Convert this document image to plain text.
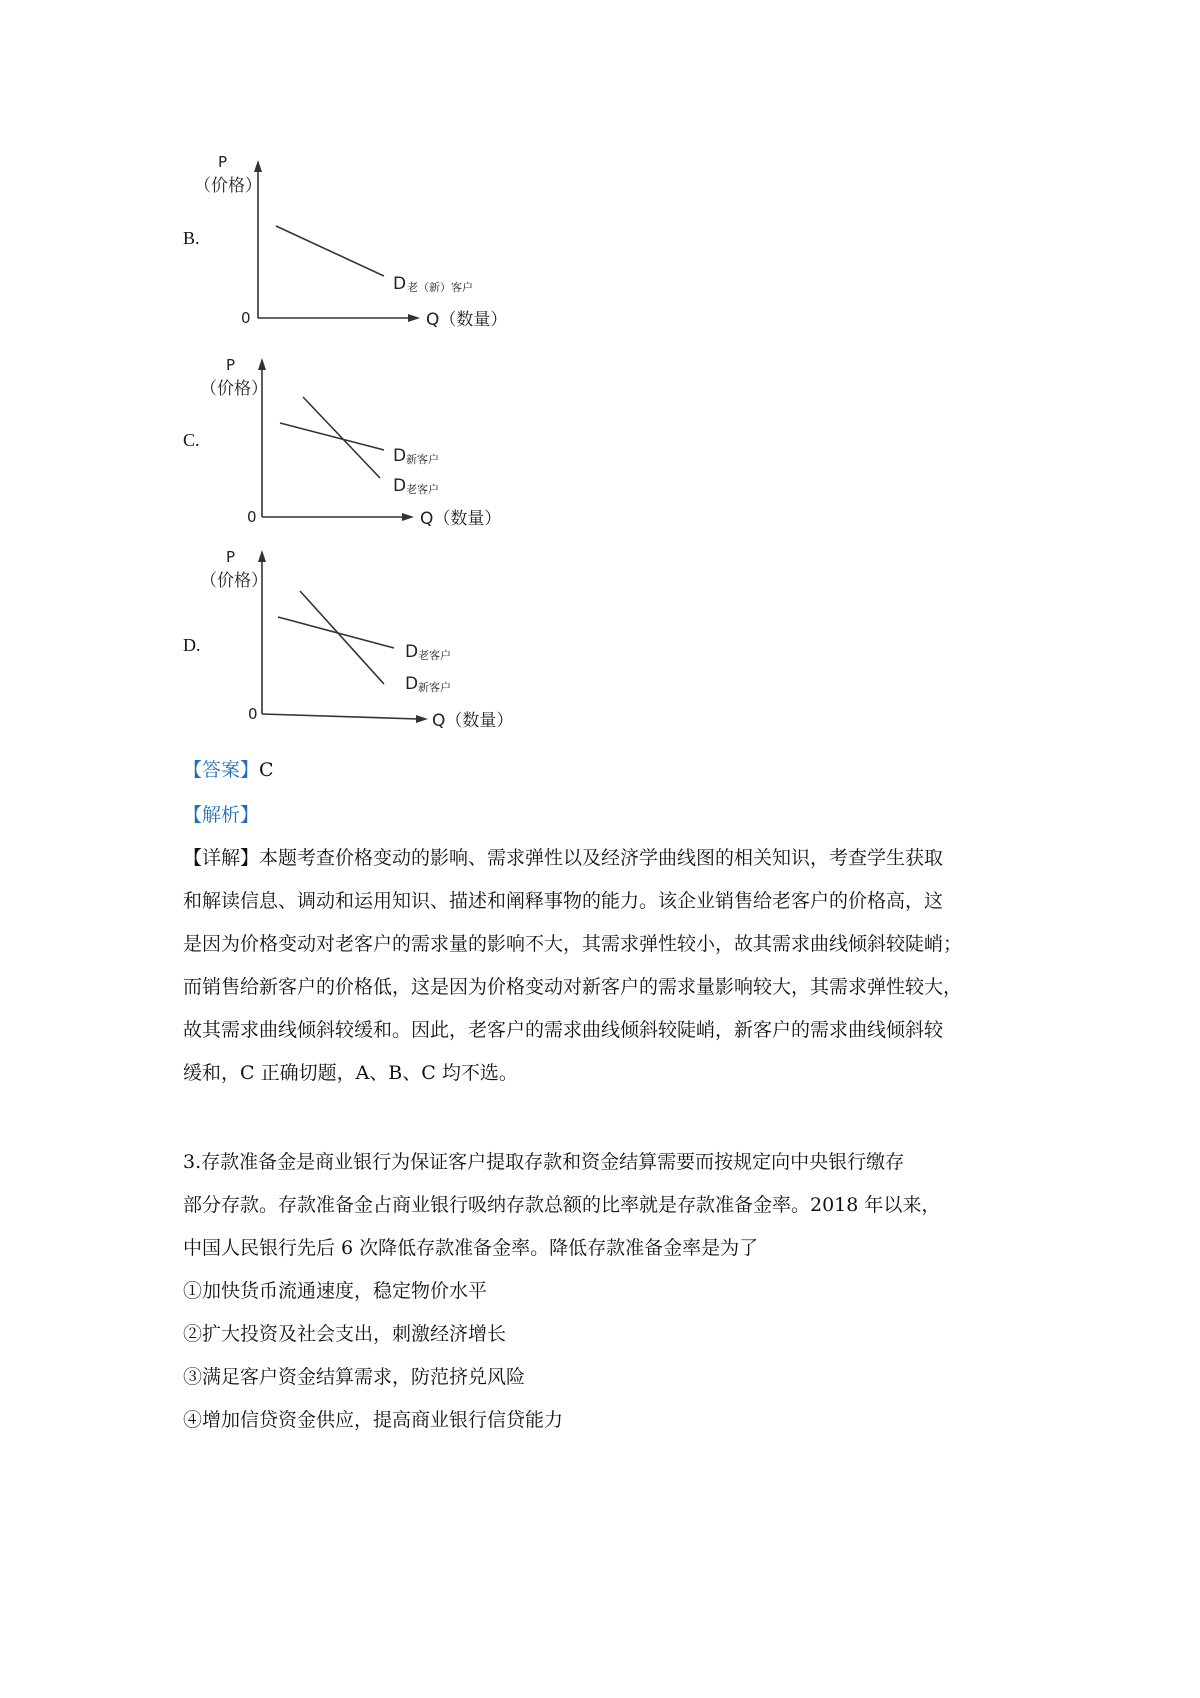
B.
P
（价格）
0	Q（数量）
D 老（新）客户
C.
P
（价格）
0	Q（数量）
D 新客户
D 老客户
D.
P
（价格）
0	Q（数量）
D 老客户
D 新客户
【答案】C
【解析】
【详解】本题考查价格变动的影响、需求弹性以及经济学曲线图的相关知识，考查学生获取
和解读信息、调动和运用知识、描述和阐释事物的能力。该企业销售给老客户的价格高，这
是因为价格变动对老客户的需求量的影响不大，其需求弹性较小，故其需求曲线倾斜较陡峭；
而销售给新客户的价格低，这是因为价格变动对新客户的需求量影响较大，其需求弹性较大，
故其需求曲线倾斜较缓和。因此，老客户的需求曲线倾斜较陡峭，新客户的需求曲线倾斜较
缓和，C 正确切题，A、B、C 均不选。
3.存款准备金是商业银行为保证客户提取存款和资金结算需要而按规定向中央银行缴存
部分存款。存款准备金占商业银行吸纳存款总额的比率就是存款准备金率。2018 年以来，
中国人民银行先后 6 次降低存款准备金率。降低存款准备金率是为了
①加快货币流通速度，稳定物价水平
②扩大投资及社会支出，刺激经济增长
③满足客户资金结算需求，防范挤兑风险
④增加信贷资金供应，提高商业银行信贷能力
